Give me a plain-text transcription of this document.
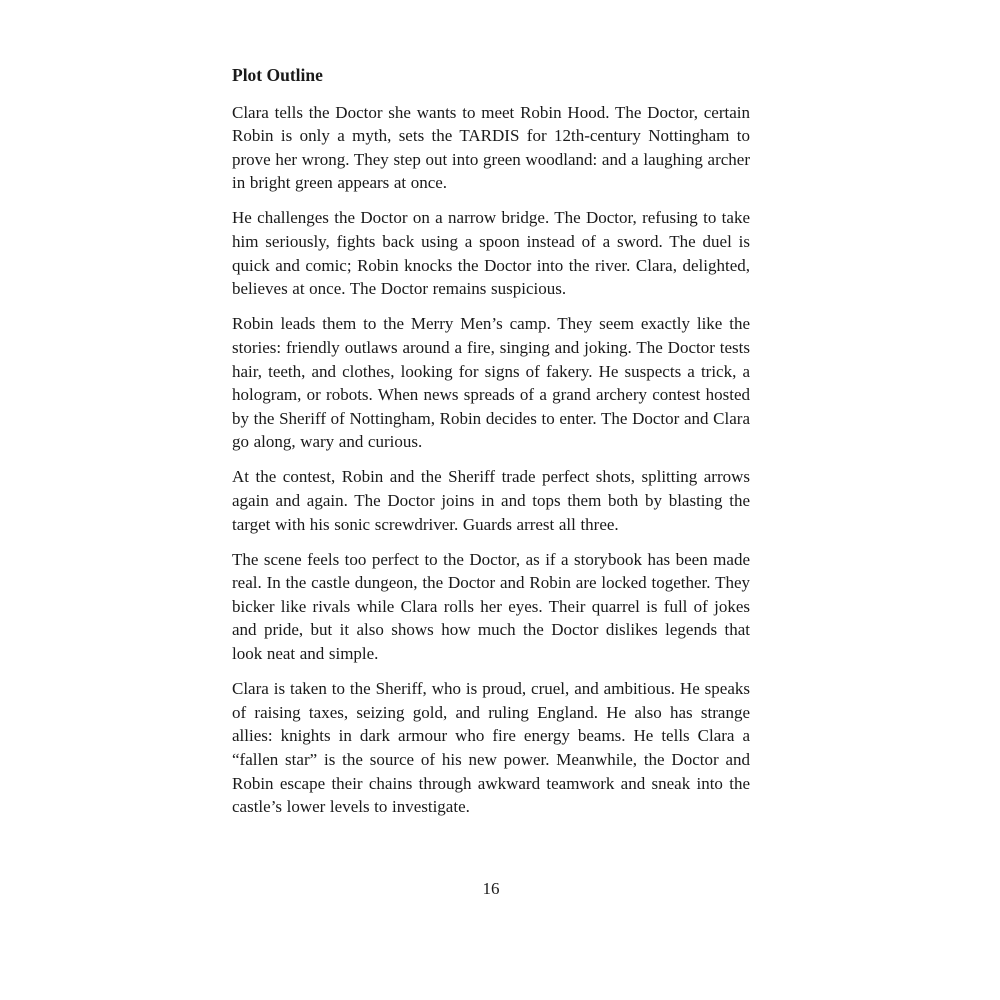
Plot Outline

Clara tells the Doctor she wants to meet Robin Hood. The Doctor, certain Robin is only a myth, sets the TARDIS for 12th-century Nottingham to prove her wrong. They step out into green woodland: and a laughing archer in bright green appears at once.

He challenges the Doctor on a narrow bridge. The Doctor, refusing to take him seriously, fights back using a spoon instead of a sword. The duel is quick and comic; Robin knocks the Doctor into the river. Clara, delighted, believes at once. The Doctor remains suspicious.

Robin leads them to the Merry Men’s camp. They seem exactly like the stories: friendly outlaws around a fire, singing and joking. The Doctor tests hair, teeth, and clothes, looking for signs of fakery. He suspects a trick, a hologram, or robots. When news spreads of a grand archery contest hosted by the Sheriff of Nottingham, Robin decides to enter. The Doctor and Clara go along, wary and curious.

At the contest, Robin and the Sheriff trade perfect shots, splitting arrows again and again. The Doctor joins in and tops them both by blasting the target with his sonic screwdriver. Guards arrest all three.

The scene feels too perfect to the Doctor, as if a storybook has been made real. In the castle dungeon, the Doctor and Robin are locked together. They bicker like rivals while Clara rolls her eyes. Their quarrel is full of jokes and pride, but it also shows how much the Doctor dislikes legends that look neat and simple.

Clara is taken to the Sheriff, who is proud, cruel, and ambitious. He speaks of raising taxes, seizing gold, and ruling England. He also has strange allies: knights in dark armour who fire energy beams. He tells Clara a “fallen star” is the source of his new power. Meanwhile, the Doctor and Robin escape their chains through awkward teamwork and sneak into the castle’s lower levels to investigate.

16
